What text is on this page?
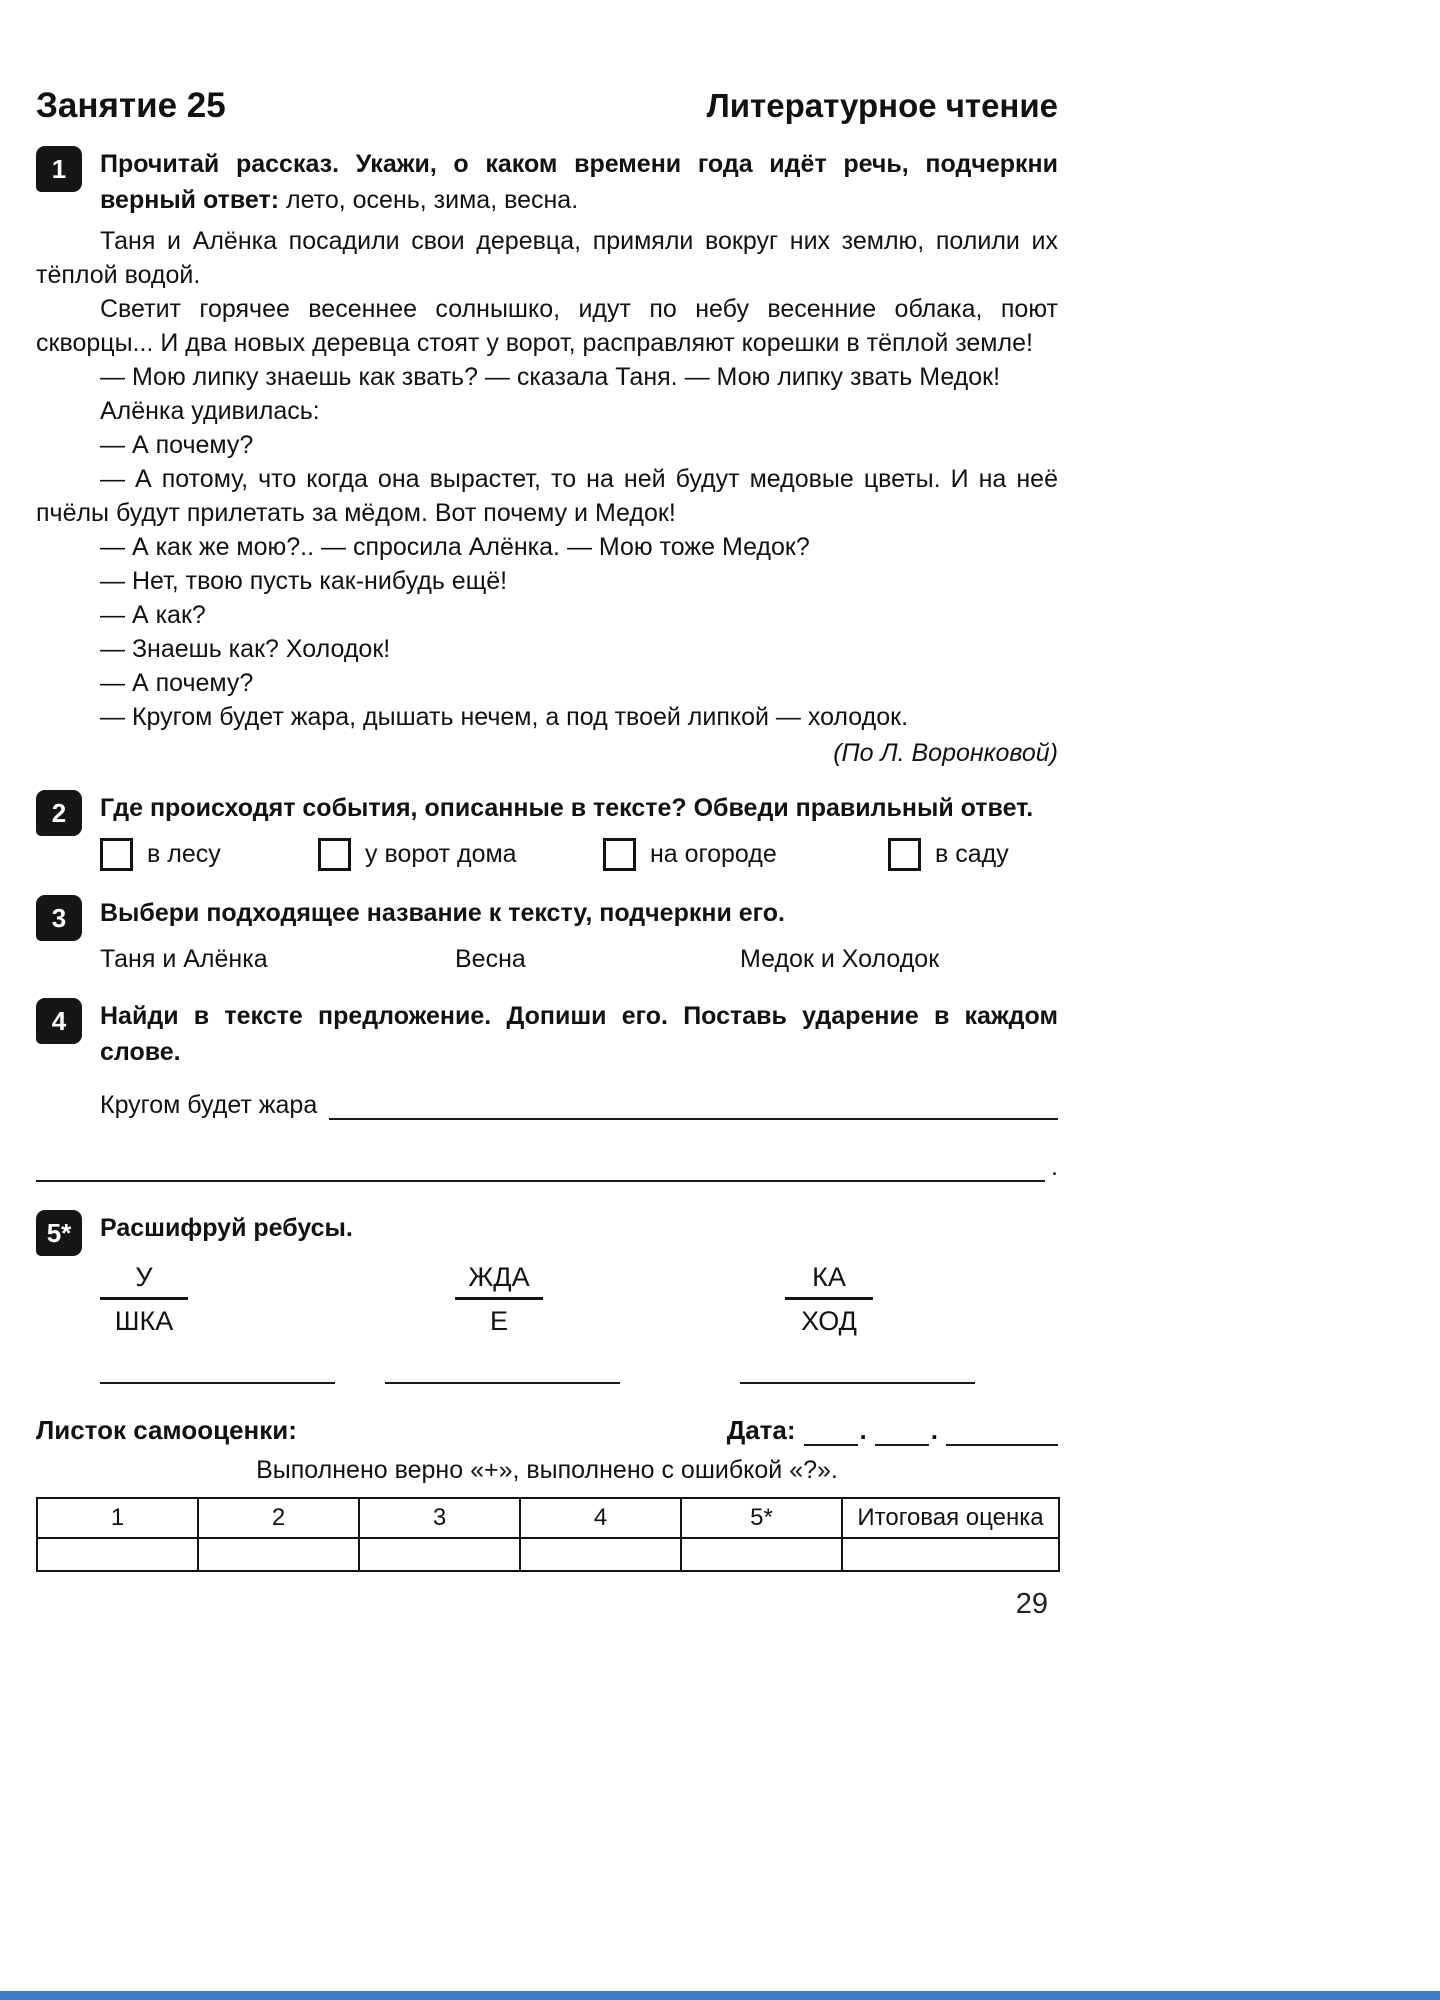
Занятие 25	Литературное чтение
1	Прочитай рассказ. Укажи, о каком времени года идёт речь, подчеркни верный ответ: лето, осень, зима, весна.

Таня и Алёнка посадили свои деревца, примяли вокруг них землю, полили их тёплой водой.

Светит горячее весеннее солнышко, идут по небу весенние облака, поют скворцы... И два новых деревца стоят у ворот, расправляют корешки в тёплой земле!

— Мою липку знаешь как звать? — сказала Таня. — Мою липку звать Медок!

Алёнка удивилась:

— А почему?

— А потому, что когда она вырастет, то на ней будут медовые цветы. И на неё пчёлы будут прилетать за мёдом. Вот почему и Медок!

— А как же мою?.. — спросила Алёнка. — Мою тоже Медок?

— Нет, твою пусть как-нибудь ещё!

— А как?

— Знаешь как? Холодок!

— А почему?

— Кругом будет жара, дышать нечем, а под твоей липкой — холодок.

(По Л. Воронковой)

2	Где происходят события, описанные в тексте? Обведи правильный ответ.

в лесу	у ворот дома	на огороде	в саду
3	Выбери подходящее название к тексту, подчеркни его.

Таня и Алёнка	Весна	Медок и Холодок
4	Найди в тексте предложение. Допиши его. Поставь ударение в каждом слове.

Кругом будет жара
.
5*	Расшифруй ребусы.

У
ШКА
ЖДА
Е
КА
ХОД
Листок самооценки:	Дата: . .

Выполнено верно «+», выполнено с ошибкой «?».

1	2	3	4	5*	Итоговая оценка

29
